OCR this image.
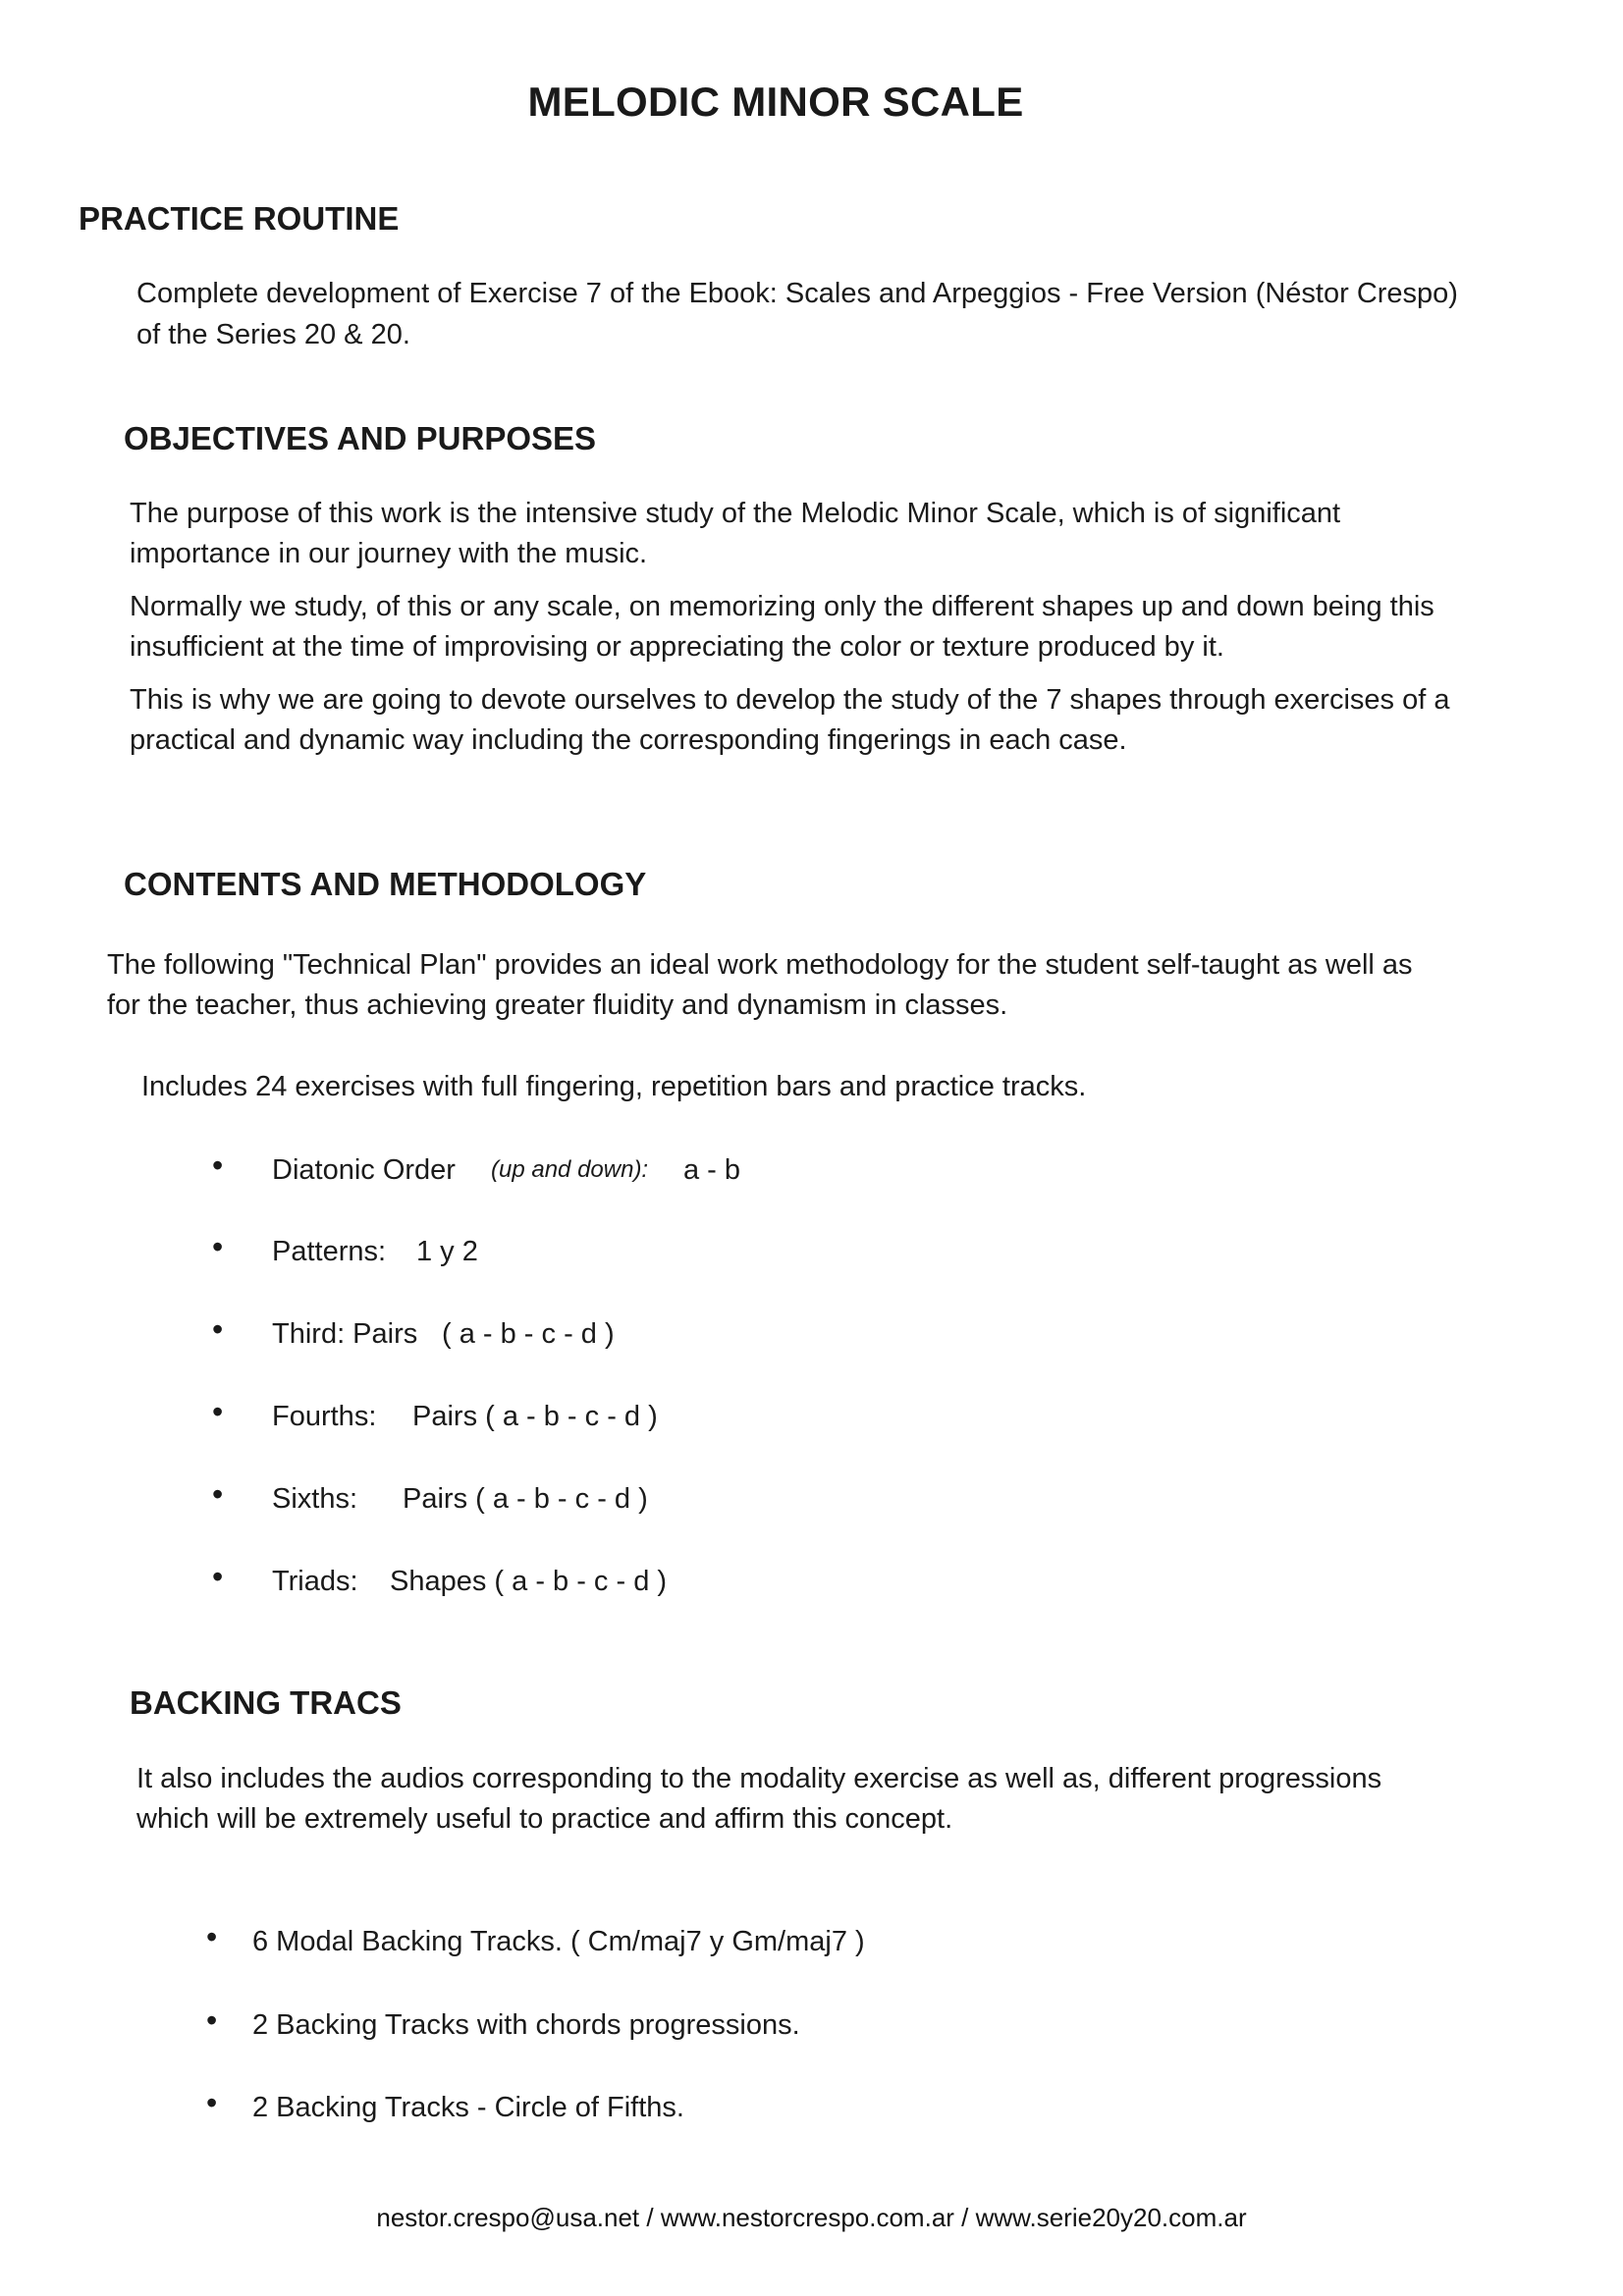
MELODIC MINOR SCALE
PRACTICE ROUTINE
Complete development of Exercise 7 of the Ebook: Scales and Arpeggios - Free Version (Néstor Crespo)
of the Series 20 & 20.
OBJECTIVES AND PURPOSES
The purpose of this work is the intensive study of the Melodic Minor Scale, which is of significant
importance in our journey with the music.
Normally we study, of this or any scale, on memorizing only the different shapes up and down being this
insufficient at the time of improvising or appreciating the color or texture produced by it.
This is why we are going to devote ourselves to develop the study of the 7 shapes through exercises of a
practical and dynamic way including the corresponding fingerings in each case.
CONTENTS AND METHODOLOGY
The following "Technical Plan" provides an ideal work methodology for the student self-taught as well as
for the teacher, thus achieving greater fluidity and dynamism in classes.
Includes 24 exercises with full fingering, repetition bars and practice tracks.
• Diatonic Order (up and down): a - b
• Patterns: 1 y 2
• Third: Pairs ( a - b - c - d )
• Fourths: Pairs ( a - b - c - d )
• Sixths: Pairs ( a - b - c - d )
• Triads: Shapes ( a - b - c - d )
BACKING TRACS
It also includes the audios corresponding to the modality exercise as well as, different progressions
which will be extremely useful to practice and affirm this concept.
• 6 Modal Backing Tracks. ( Cm/maj7 y Gm/maj7 )
• 2 Backing Tracks with chords progressions.
• 2 Backing Tracks - Circle of Fifths.
nestor.crespo@usa.net / www.nestorcrespo.com.ar / www.serie20y20.com.ar
